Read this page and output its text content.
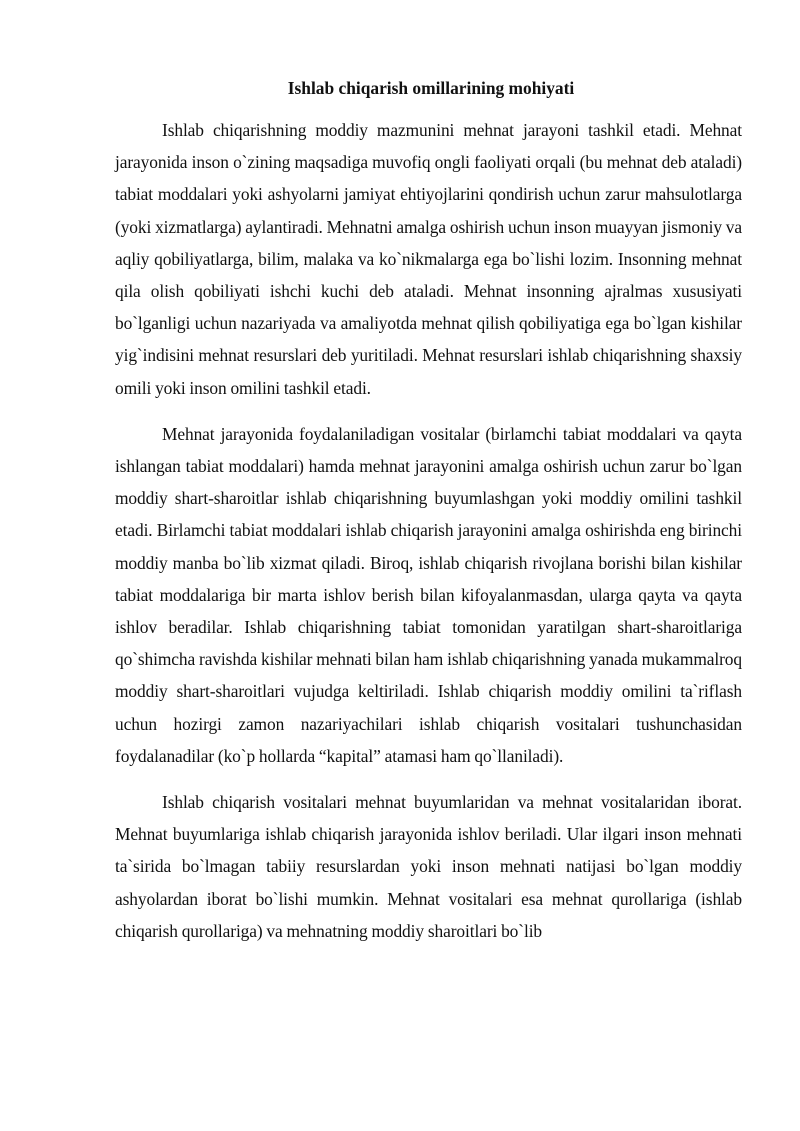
Ishlab chiqarish omillarining mohiyati

Ishlab chiqarishning moddiy mazmunini mehnat jarayoni tashkil etadi. Mehnat jarayonida inson o`zining maqsadiga muvofiq ongli faoliyati orqali (bu mehnat deb ataladi) tabiat moddalari yoki ashyolarni jamiyat ehtiyojlarini qondirish uchun zarur mahsulotlarga (yoki xizmatlarga) aylantiradi. Mehnatni amalga oshirish uchun inson muayyan jismoniy va aqliy qobiliyatlarga, bilim, malaka va ko`nikmalarga ega bo`lishi lozim. Insonning mehnat qila olish qobiliyati ishchi kuchi deb ataladi. Mehnat insonning ajralmas xususiyati bo`lganligi uchun nazariyada va amaliyotda mehnat qilish qobiliyatiga ega bo`lgan kishilar yig`indisini mehnat resurslari deb yuritiladi. Mehnat resurslari ishlab chiqarishning shaxsiy omili yoki inson omilini tashkil etadi.

Mehnat jarayonida foydalaniladigan vositalar (birlamchi tabiat moddalari va qayta ishlangan tabiat moddalari) hamda mehnat jarayonini amalga oshirish uchun zarur bo`lgan moddiy shart-sharoitlar ishlab chiqarishning buyumlashgan yoki moddiy omilini tashkil etadi. Birlamchi tabiat moddalari ishlab chiqarish jarayonini amalga oshirishda eng birinchi moddiy manba bo`lib xizmat qiladi. Biroq, ishlab chiqarish rivojlana borishi bilan kishilar tabiat moddalariga bir marta ishlov berish bilan kifoyalanmasdan, ularga qayta va qayta ishlov beradilar. Ishlab chiqarishning tabiat tomonidan yaratilgan shart-sharoitlariga qo`shimcha ravishda kishilar mehnati bilan ham ishlab chiqarishning yanada mukammalroq moddiy shart-sharoitlari vujudga keltiriladi. Ishlab chiqarish moddiy omilini ta`riflash uchun hozirgi zamon nazariyachilari ishlab chiqarish vositalari tushunchasidan foydalanadilar (ko`p hollarda “kapital” atamasi ham qo`llaniladi).

Ishlab chiqarish vositalari mehnat buyumlaridan va mehnat vositalaridan iborat. Mehnat buyumlariga ishlab chiqarish jarayonida ishlov beriladi. Ular ilgari inson mehnati ta`sirida bo`lmagan tabiiy resurslardan yoki inson mehnati natijasi bo`lgan moddiy ashyolardan iborat bo`lishi mumkin. Mehnat vositalari esa mehnat qurollariga (ishlab chiqarish qurollariga) va mehnatning moddiy sharoitlari bo`lib
